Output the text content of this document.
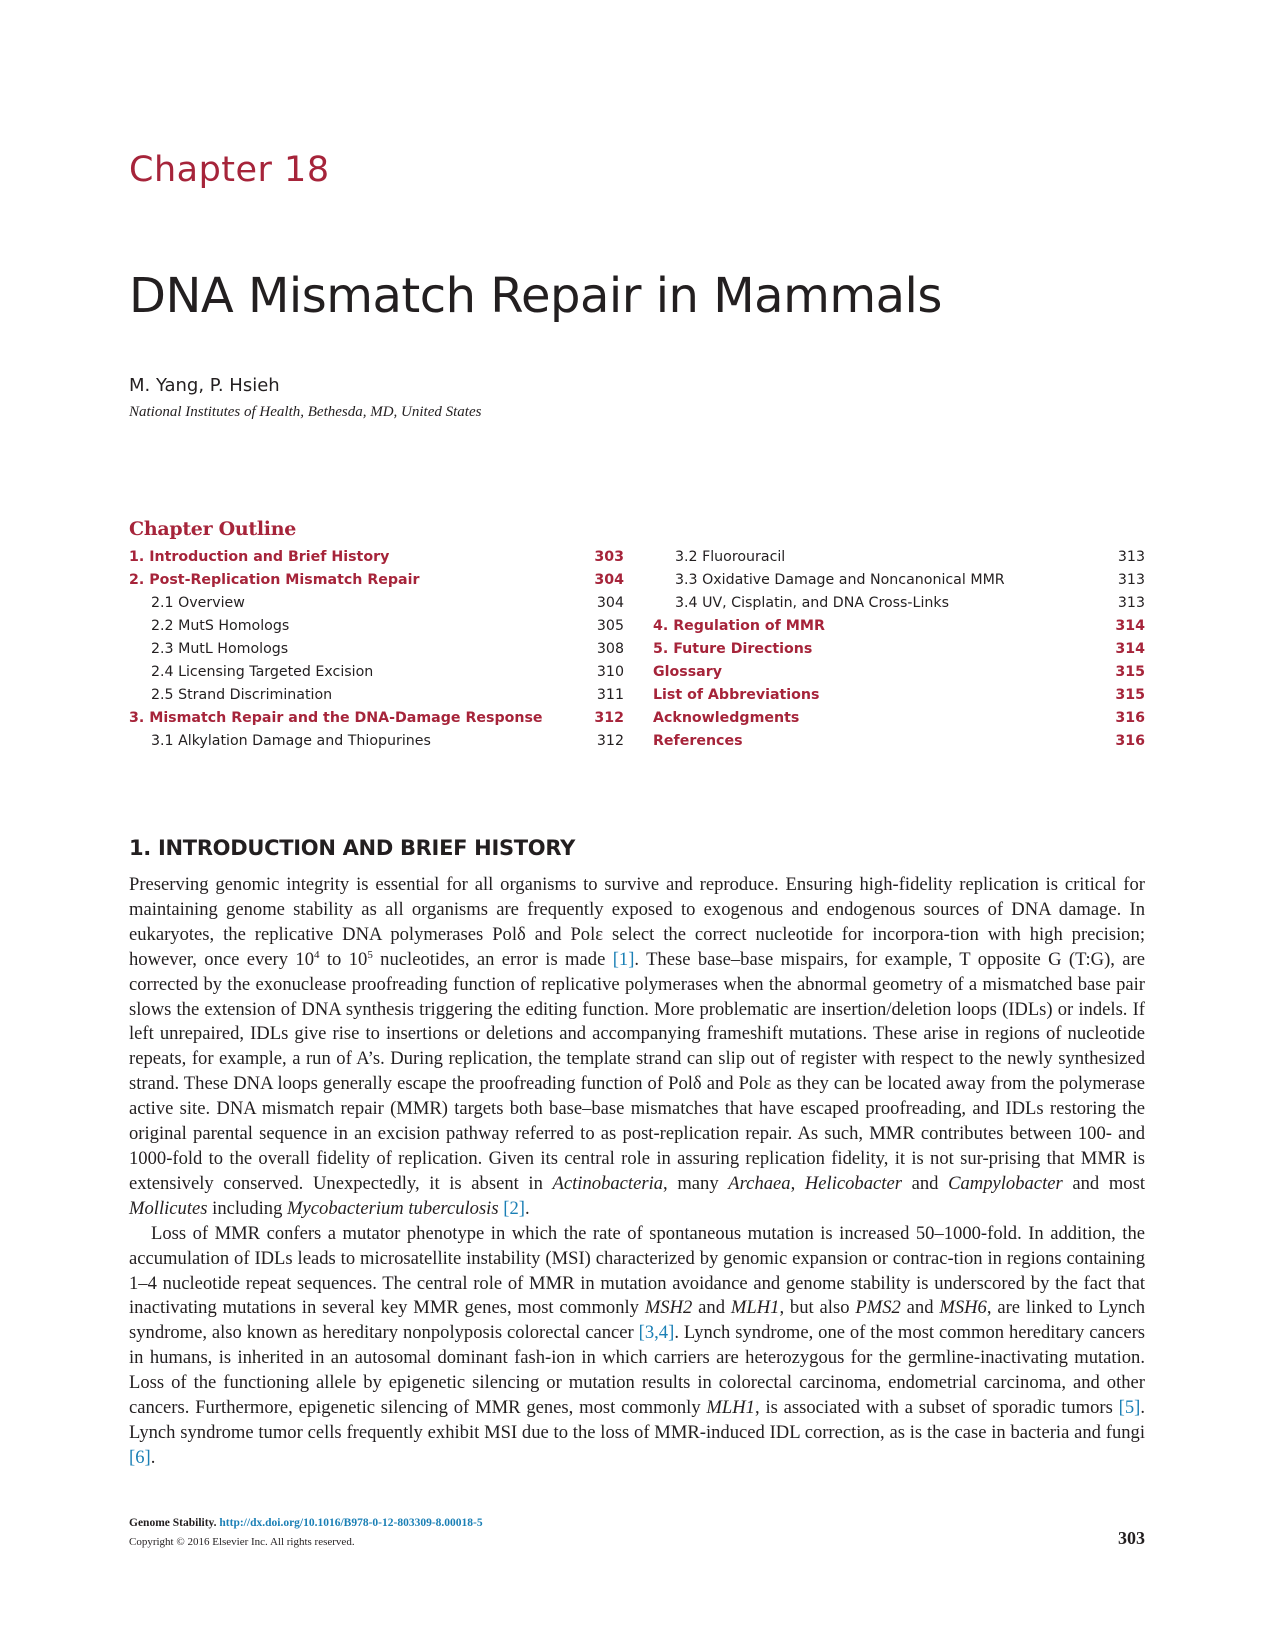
Chapter 18
DNA Mismatch Repair in Mammals
M. Yang, P. Hsieh
National Institutes of Health, Bethesda, MD, United States
Chapter Outline
1. Introduction and Brief History	303
2. Post-Replication Mismatch Repair	304
2.1 Overview	304
2.2 MutS Homologs	305
2.3 MutL Homologs	308
2.4 Licensing Targeted Excision	310
2.5 Strand Discrimination	311
3. Mismatch Repair and the DNA-Damage Response	312
3.1 Alkylation Damage and Thiopurines	312
3.2 Fluorouracil	313
3.3 Oxidative Damage and Noncanonical MMR	313
3.4 UV, Cisplatin, and DNA Cross-Links	313
4. Regulation of MMR	314
5. Future Directions	314
Glossary	315
List of Abbreviations	315
Acknowledgments	316
References	316
1. INTRODUCTION AND BRIEF HISTORY

Preserving genomic integrity is essential for all organisms to survive and reproduce. Ensuring high-fidelity replication is critical for maintaining genome stability as all organisms are frequently exposed to exogenous and endogenous sources of DNA damage. In eukaryotes, the replicative DNA polymerases Polδ and Polε select the correct nucleotide for incorpora-tion with high precision; however, once every $10^4$ to $10^5$ nucleotides, an error is made [1]. These base–base mispairs, for example, T opposite G (T:G), are corrected by the exonuclease proofreading function of replicative polymerases when the abnormal geometry of a mismatched base pair slows the extension of DNA synthesis triggering the editing function. More problematic are insertion/deletion loops (IDLs) or indels. If left unrepaired, IDLs give rise to insertions or deletions and accompanying frameshift mutations. These arise in regions of nucleotide repeats, for example, a run of A’s. During replication, the template strand can slip out of register with respect to the newly synthesized strand. These DNA loops generally escape the proofreading function of Polδ and Polε as they can be located away from the polymerase active site. DNA mismatch repair (MMR) targets both base–base mismatches that have escaped proofreading, and IDLs restoring the original parental sequence in an excision pathway referred to as post-replication repair. As such, MMR contributes between 100- and 1000-fold to the overall fidelity of replication. Given its central role in assuring replication fidelity, it is not sur-prising that MMR is extensively conserved. Unexpectedly, it is absent in Actinobacteria, many Archaea, Helicobacter and Campylobacter and most Mollicutes including Mycobacterium tuberculosis [2].

Loss of MMR confers a mutator phenotype in which the rate of spontaneous mutation is increased 50–1000-fold. In addition, the accumulation of IDLs leads to microsatellite instability (MSI) characterized by genomic expansion or contrac-tion in regions containing 1–4 nucleotide repeat sequences. The central role of MMR in mutation avoidance and genome stability is underscored by the fact that inactivating mutations in several key MMR genes, most commonly MSH2 and MLH1, but also PMS2 and MSH6, are linked to Lynch syndrome, also known as hereditary nonpolyposis colorectal cancer [3,4]. Lynch syndrome, one of the most common hereditary cancers in humans, is inherited in an autosomal dominant fash-ion in which carriers are heterozygous for the germline-inactivating mutation. Loss of the functioning allele by epigenetic silencing or mutation results in colorectal carcinoma, endometrial carcinoma, and other cancers. Furthermore, epigenetic silencing of MMR genes, most commonly MLH1, is associated with a subset of sporadic tumors [5]. Lynch syndrome tumor cells frequently exhibit MSI due to the loss of MMR-induced IDL correction, as is the case in bacteria and fungi [6].

Genome Stability. http://dx.doi.org/10.1016/B978-0-12-803309-8.00018-5
Copyright © 2016 Elsevier Inc. All rights reserved.	303
